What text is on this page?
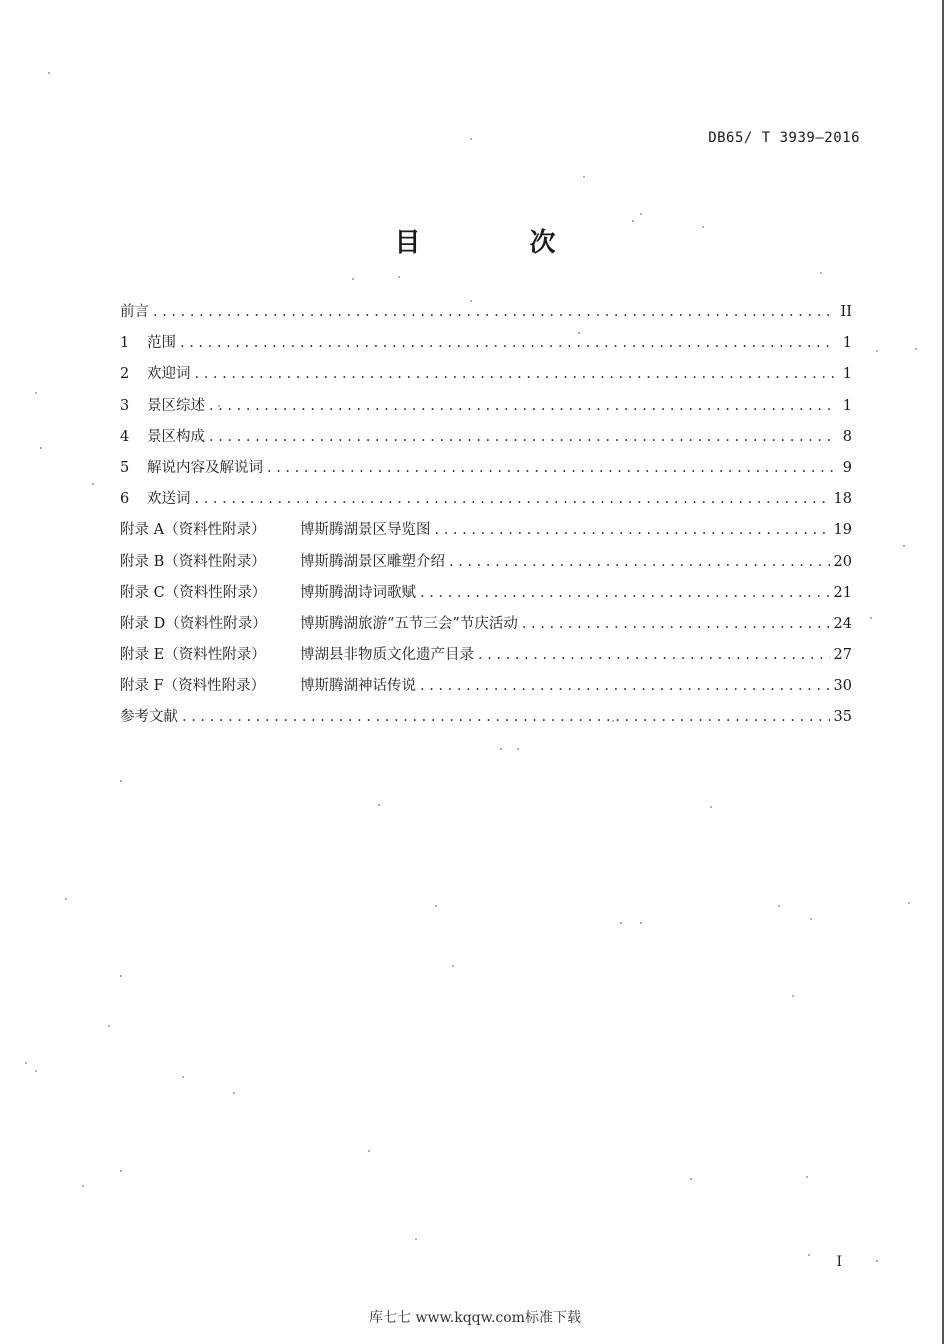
DB65/ T 3939—2016
目 次
前言 . . .	II
1	范围 . . .	1
2	欢迎词 . . .	1
3	景区综述 . . .	1
4	景区构成 . . .	8
5	解说内容及解说词 . . .	9
6	欢送词 . . .	18
附录 A（资料性附录） 博斯腾湖景区导览图 . . .	19
附录 B（资料性附录） 博斯腾湖景区雕塑介绍 . . .	20
附录 C（资料性附录） 博斯腾湖诗词歌赋 . . .	21
附录 D（资料性附录） 博斯腾湖旅游“五节三会”节庆活动 . . .	24
附录 E（资料性附录） 博湖县非物质文化遗产目录 . . .	27
附录 F（资料性附录） 博斯腾湖神话传说 . . .	30
参考文献 . . .	35
I
库七七 www.kqqw.com标准下载
